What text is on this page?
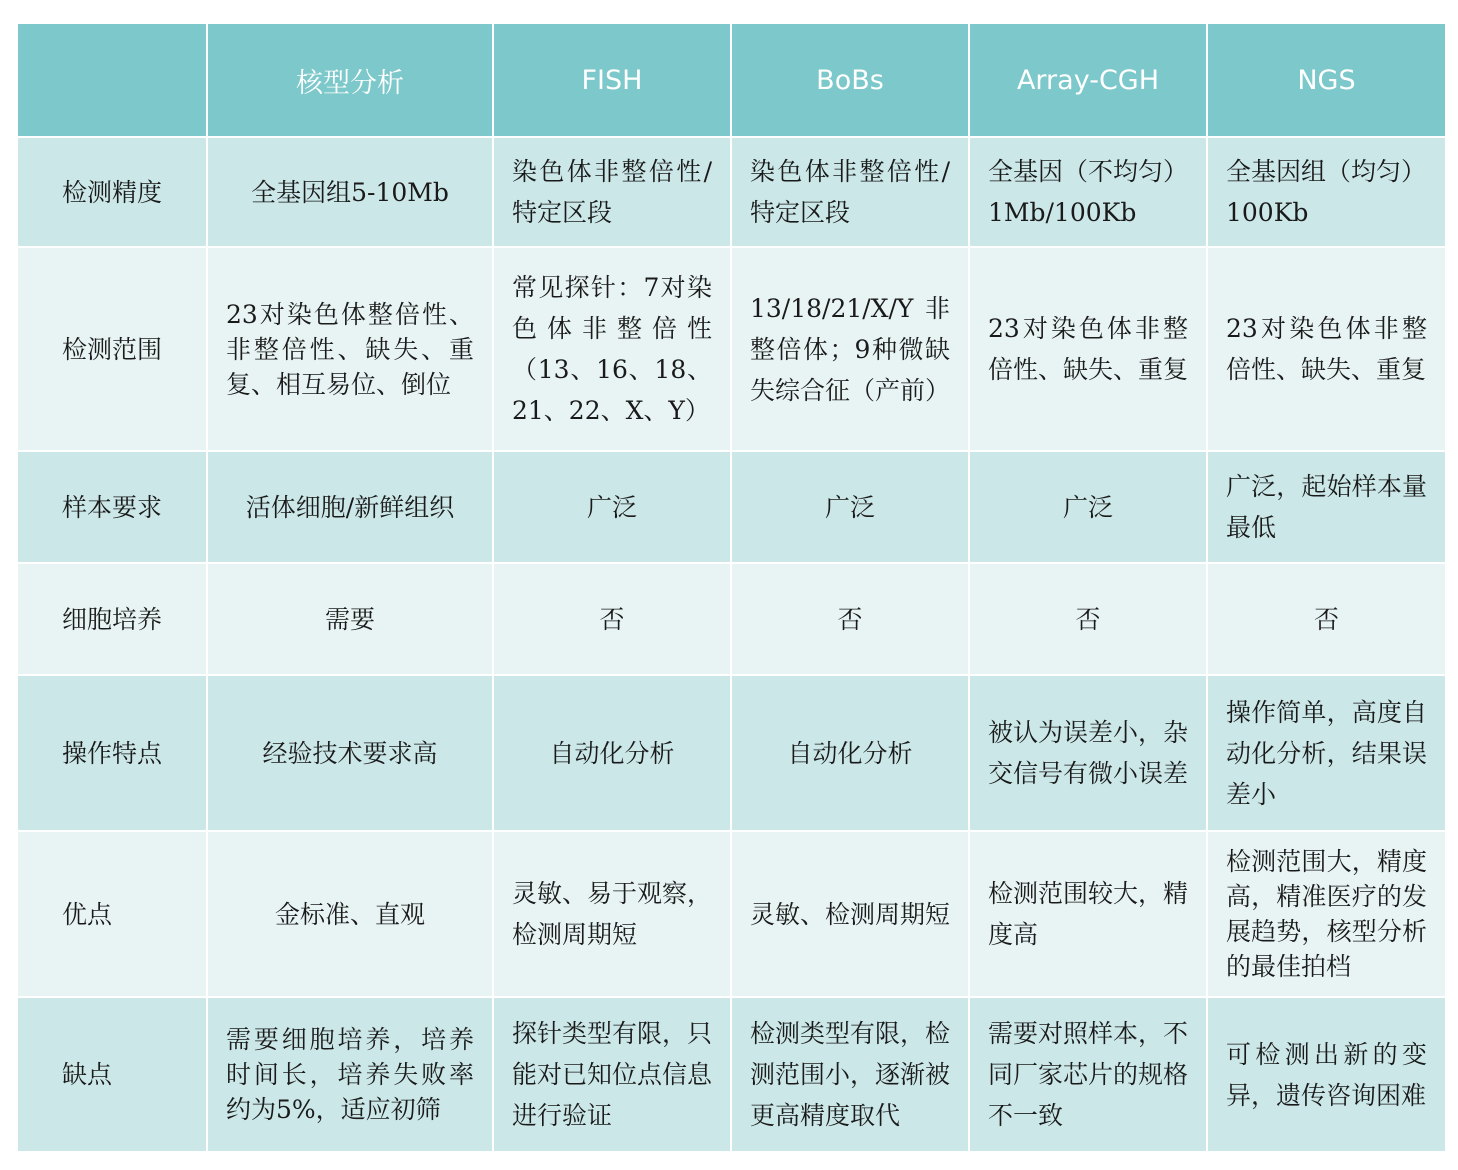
	核型分析	FISH	BoBs	Array-CGH	NGS
检测精度	全基因组5-10Mb	染色体非整倍性/特定区段	染色体非整倍性/特定区段	全基因（不均匀）1Mb/100Kb	全基因组（均匀）100Kb
检测范围	23对染色体整倍性、非整倍性、缺失、重复、相互易位、倒位	常见探针：7对染色体非整倍性（13、16、18、21、22、X、Y）	13/18/21/X/Y非整倍体；9种微缺失综合征（产前）	23对染色体非整倍性、缺失、重复	23对染色体非整倍性、缺失、重复
样本要求	活体细胞/新鲜组织	广泛	广泛	广泛	广泛，起始样本量最低
细胞培养	需要	否	否	否	否
操作特点	经验技术要求高	自动化分析	自动化分析	被认为误差小，杂交信号有微小误差	操作简单，高度自动化分析，结果误差小
优点	金标准、直观	灵敏、易于观察，检测周期短	灵敏、检测周期短	检测范围较大，精度高	检测范围大，精度高，精准医疗的发展趋势，核型分析的最佳拍档
缺点	需要细胞培养，培养时间长，培养失败率约为5%，适应初筛	探针类型有限，只能对已知位点信息进行验证	检测类型有限，检测范围小，逐渐被更高精度取代	需要对照样本，不同厂家芯片的规格不一致	可检测出新的变异，遗传咨询困难
